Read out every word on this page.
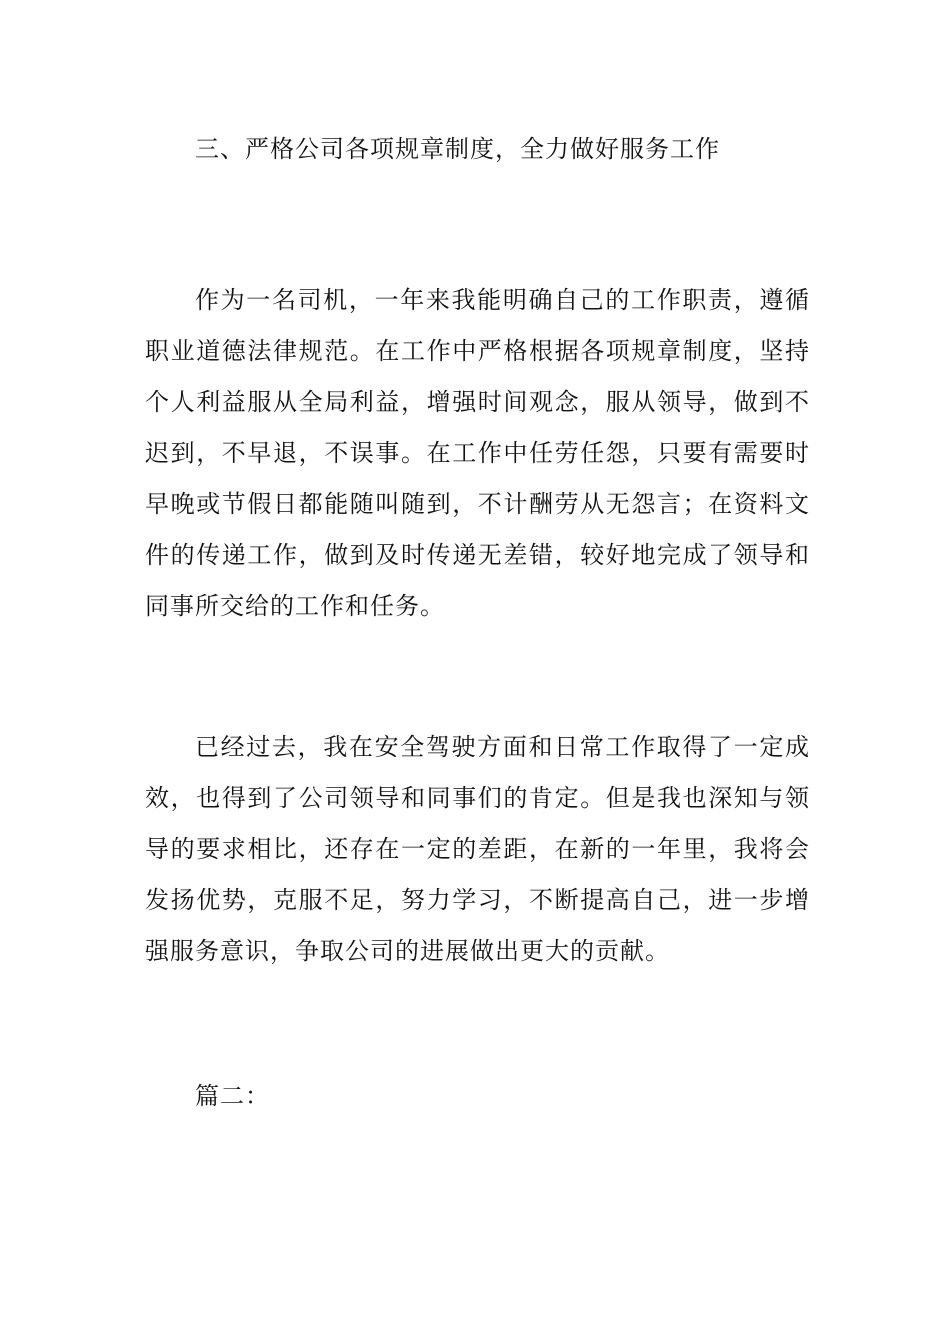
三、严格公司各项规章制度，全力做好服务工作

作为一名司机，一年来我能明确自己的工作职责，遵循职业道德法律规范。在工作中严格根据各项规章制度，坚持个人利益服从全局利益，增强时间观念，服从领导，做到不迟到，不早退，不误事。在工作中任劳任怨，只要有需要时早晚或节假日都能随叫随到，不计酬劳从无怨言；在资料文件的传递工作，做到及时传递无差错，较好地完成了领导和同事所交给的工作和任务。

已经过去，我在安全驾驶方面和日常工作取得了一定成效，也得到了公司领导和同事们的肯定。但是我也深知与领导的要求相比，还存在一定的差距，在新的一年里，我将会发扬优势，克服不足，努力学习，不断提高自己，进一步增强服务意识，争取公司的进展做出更大的贡献。

篇二：
